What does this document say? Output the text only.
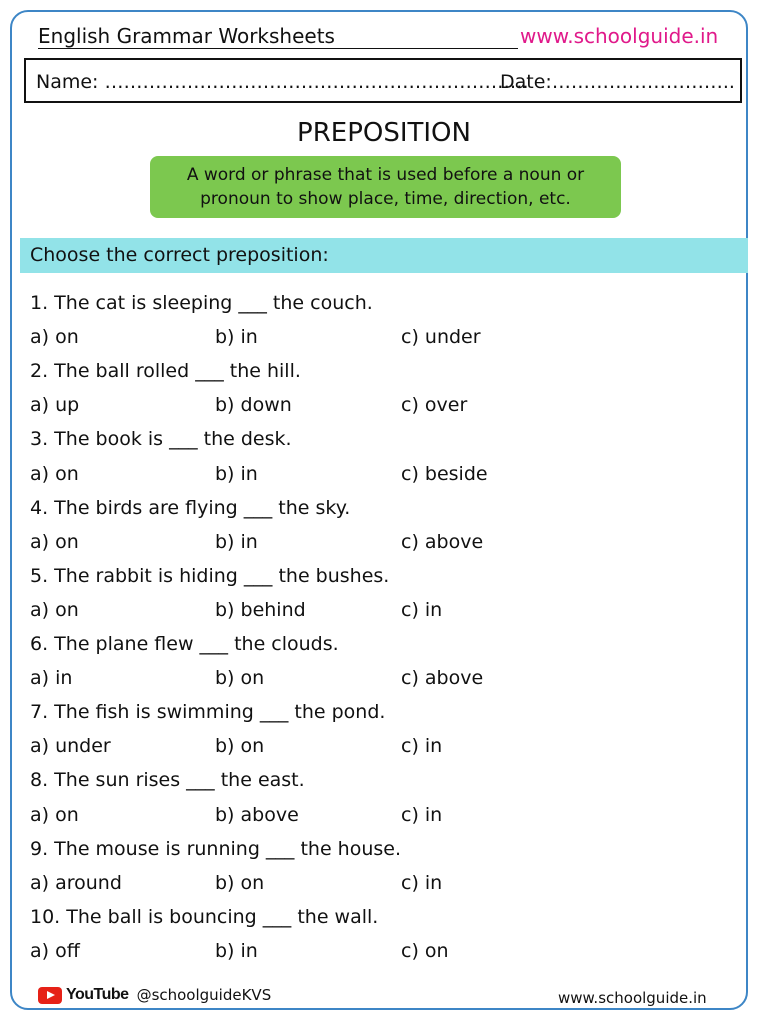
English Grammar Worksheets	www.schoolguide.in
Name: ………………………………………………………….
Date:………………………..
PREPOSITION
A word or phrase that is used before a noun or pronoun to show place, time, direction, etc.
Choose the correct preposition:
1. The cat is sleeping ___ the couch.
a) on	b) in	c) under
2. The ball rolled ___ the hill.
a) up	b) down	c) over
3. The book is ___ the desk.
a) on	b) in	c) beside
4. The birds are flying ___ the sky.
a) on	b) in	c) above
5. The rabbit is hiding ___ the bushes.
a) on	b) behind	c) in
6. The plane flew ___ the clouds.
a) in	b) on	c) above
7. The fish is swimming ___ the pond.
a) under	b) on	c) in
8. The sun rises ___ the east.
a) on	b) above	c) in
9. The mouse is running ___ the house.
a) around	b) on	c) in
10. The ball is bouncing ___ the wall.
a) off	b) in	c) on
YouTube @schoolguideKVS	www.schoolguide.in
